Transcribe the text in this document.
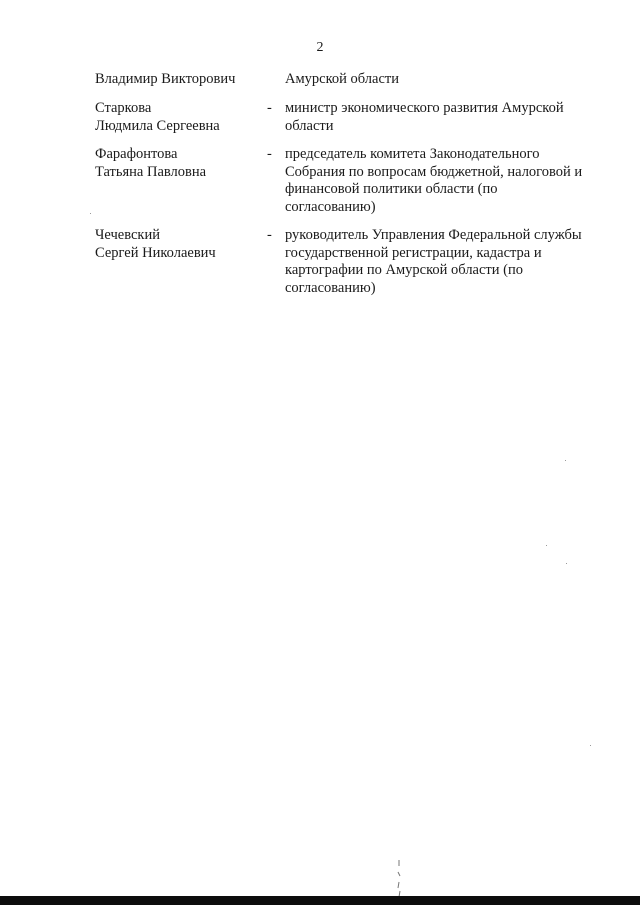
2
Владимир Викторович	Амурской области
Старкова
Людмила Сергеевна
- министр экономического развития Амурской
области
Фарафонтова
Татьяна Павловна
- председатель комитета Законодательного
Собрания по вопросам бюджетной, налоговой и
финансовой политики области (по
согласованию)
Чечевский
Сергей Николаевич
- руководитель Управления Федеральной службы
государственной регистрации, кадастра и
картографии по Амурской области (по
согласованию)
